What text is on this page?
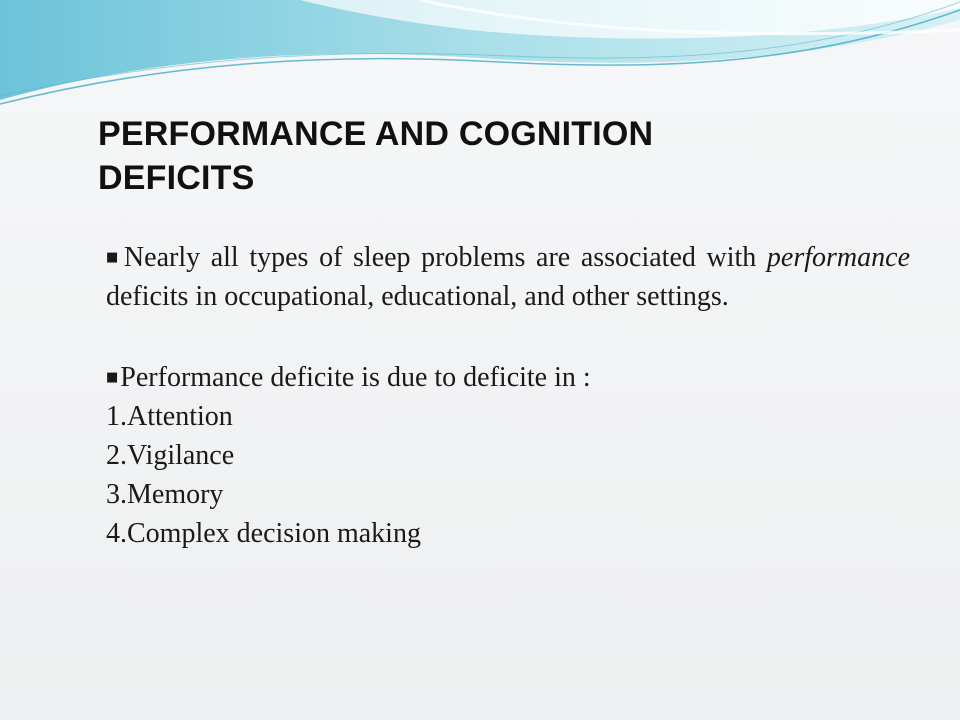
PERFORMANCE AND COGNITION
DEFICITS

■Nearly all types of sleep problems are associated with performance deficits in occupational, educational, and other settings.

■Performance deficite is due to deficite in :

1.Attention

2.Vigilance

3.Memory

4.Complex decision making
